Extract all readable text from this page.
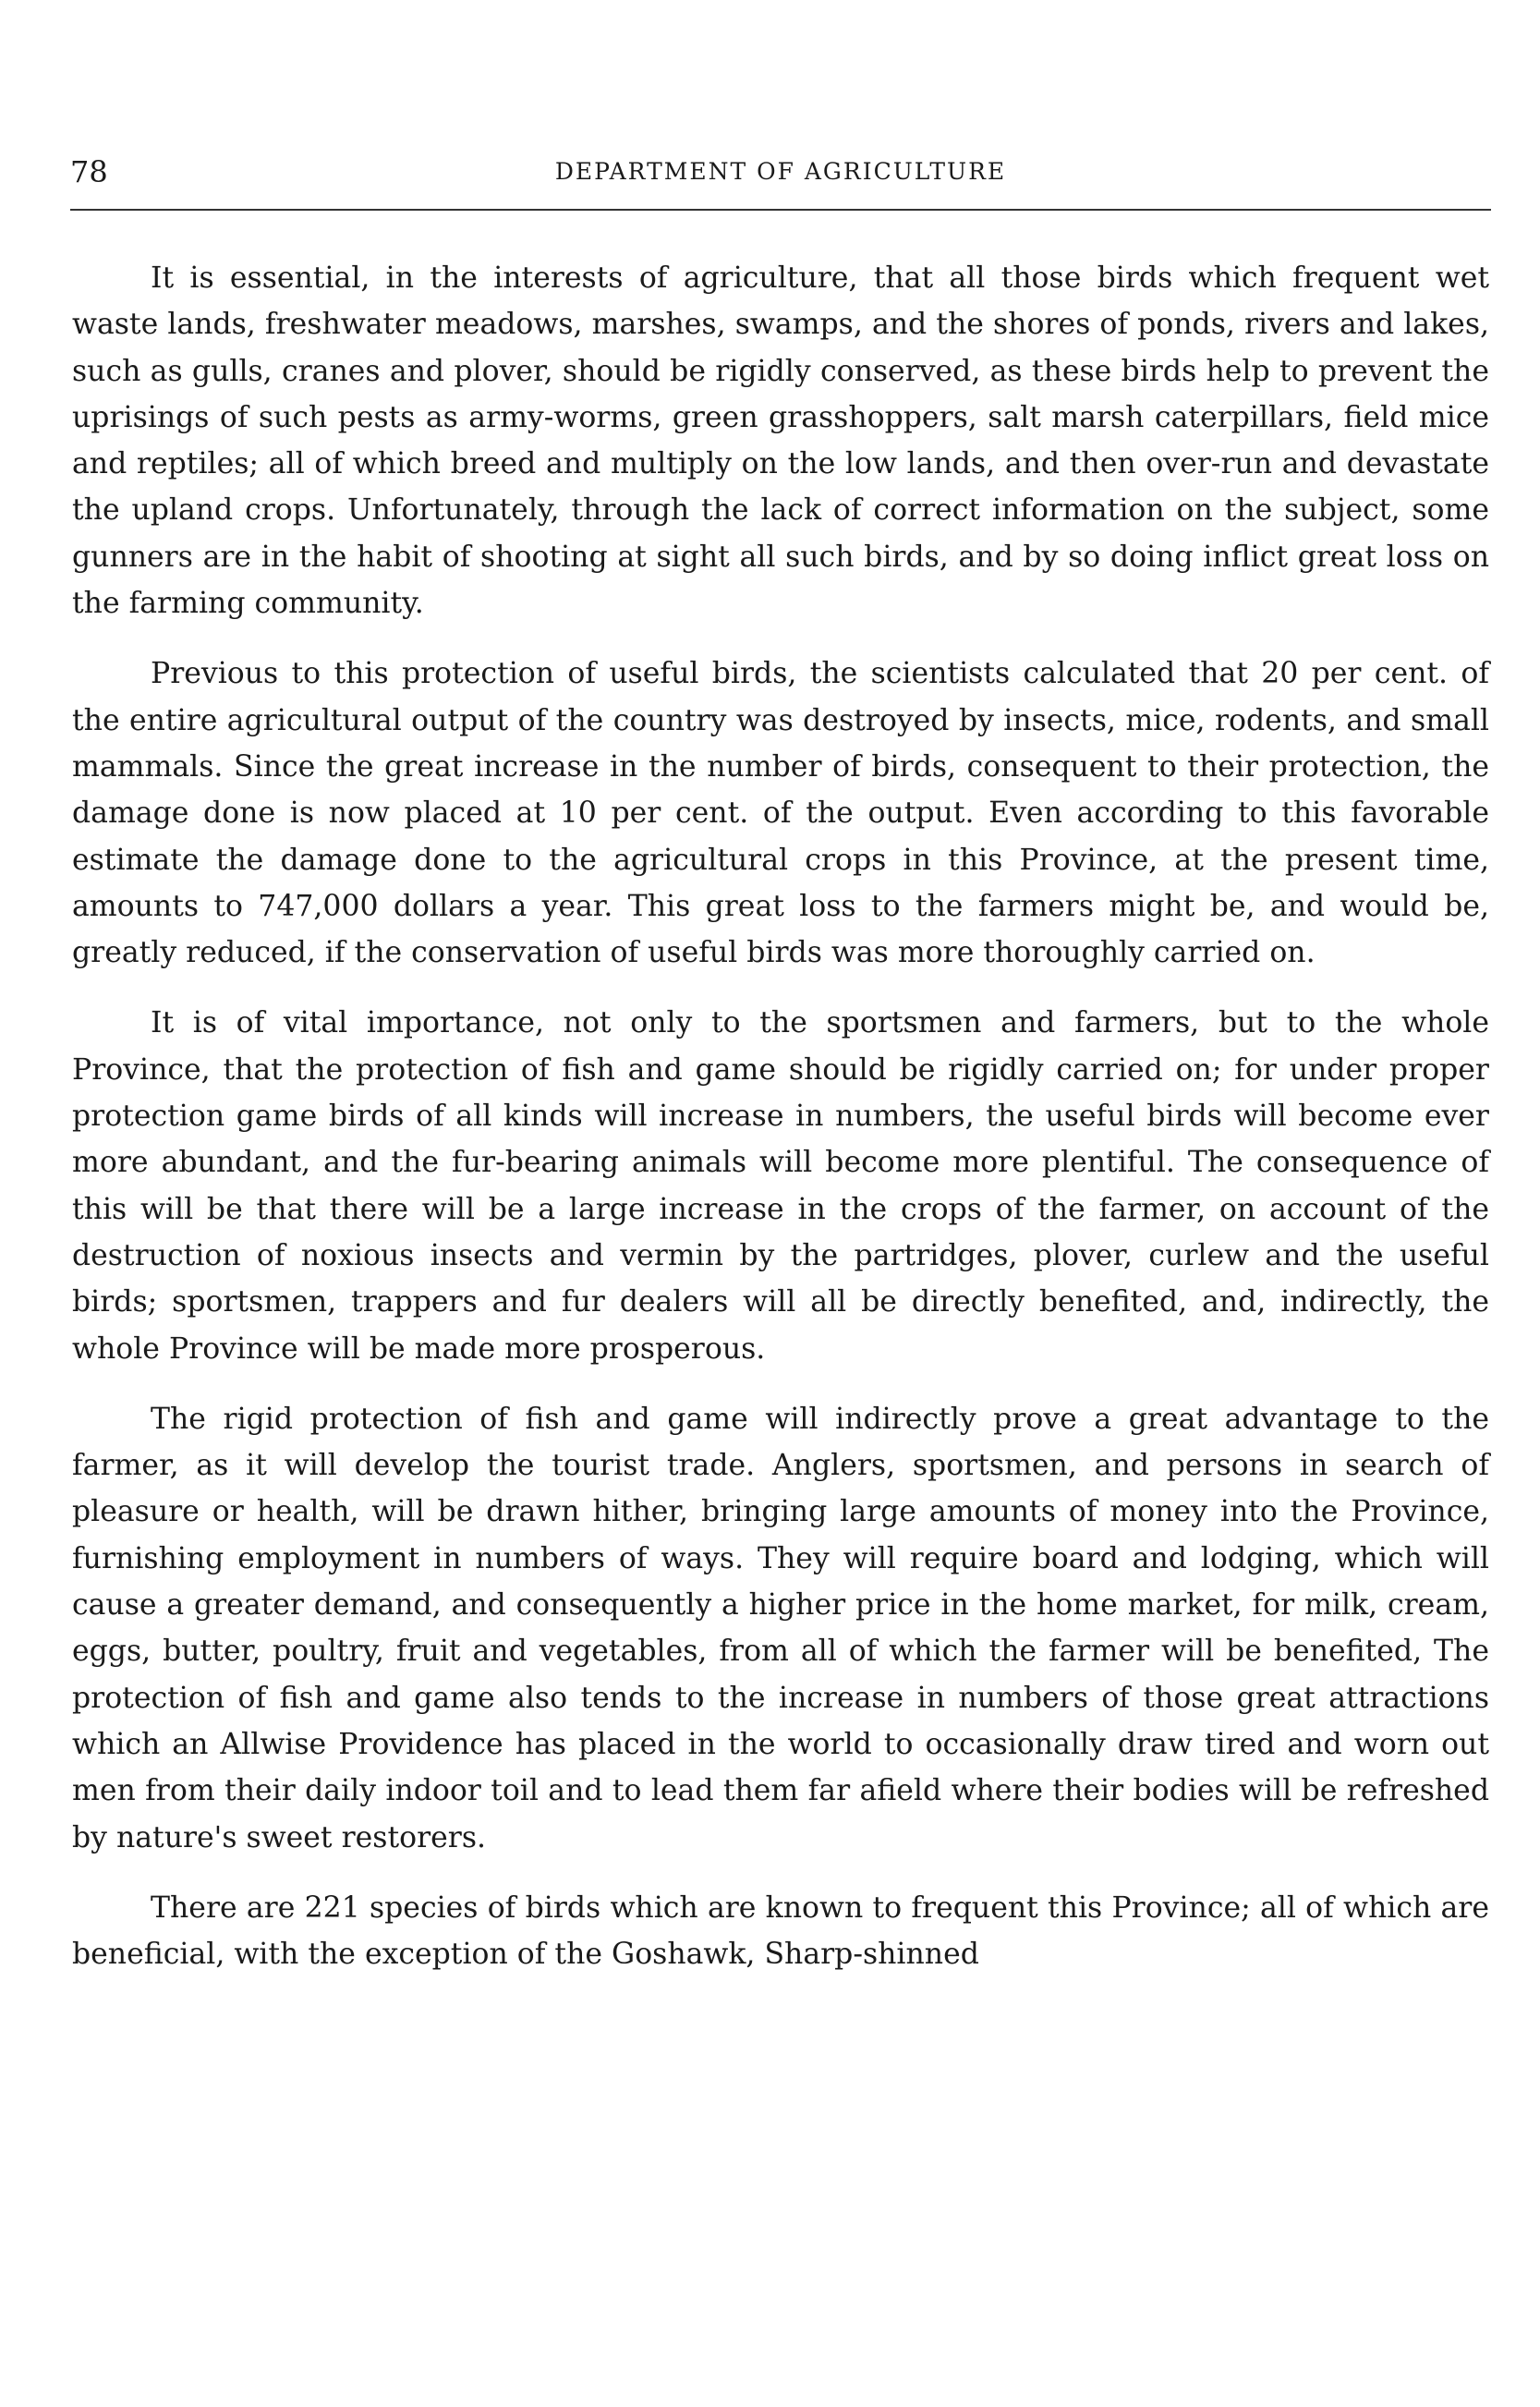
78	DEPARTMENT OF AGRICULTURE

It is essential, in the interests of agriculture, that all those birds which frequent wet waste lands, freshwater meadows, marshes, swamps, and the shores of ponds, rivers and lakes, such as gulls, cranes and plover, should be rigidly conserved, as these birds help to prevent the uprisings of such pests as army-worms, green grasshoppers, salt marsh caterpillars, field mice and reptiles; all of which breed and multiply on the low lands, and then over-run and devastate the upland crops. Unfortunately, through the lack of correct information on the subject, some gunners are in the habit of shooting at sight all such birds, and by so doing inflict great loss on the farming community.

Previous to this protection of useful birds, the scientists calculated that 20 per cent. of the entire agricultural output of the country was destroyed by insects, mice, rodents, and small mammals. Since the great increase in the number of birds, consequent to their protection, the damage done is now placed at 10 per cent. of the output. Even according to this favorable estimate the damage done to the agricultural crops in this Province, at the present time, amounts to 747,000 dollars a year. This great loss to the farmers might be, and would be, greatly reduced, if the conservation of useful birds was more thoroughly carried on.

It is of vital importance, not only to the sportsmen and farmers, but to the whole Province, that the protection of fish and game should be rigidly carried on; for under proper protection game birds of all kinds will increase in numbers, the useful birds will become ever more abundant, and the fur-bearing animals will become more plentiful. The consequence of this will be that there will be a large increase in the crops of the farmer, on account of the destruction of noxious insects and vermin by the partridges, plover, curlew and the useful birds; sportsmen, trappers and fur dealers will all be directly benefited, and, indirectly, the whole Province will be made more prosperous.

The rigid protection of fish and game will indirectly prove a great advantage to the farmer, as it will develop the tourist trade. Anglers, sportsmen, and persons in search of pleasure or health, will be drawn hither, bringing large amounts of money into the Province, furnishing employment in numbers of ways. They will require board and lodging, which will cause a greater demand, and consequently a higher price in the home market, for milk, cream, eggs, butter, poultry, fruit and vegetables, from all of which the farmer will be benefited, The protection of fish and game also tends to the increase in numbers of those great attractions which an Allwise Providence has placed in the world to occasionally draw tired and worn out men from their daily indoor toil and to lead them far afield where their bodies will be refreshed by nature's sweet restorers.

There are 221 species of birds which are known to frequent this Province; all of which are beneficial, with the exception of the Goshawk, Sharp-shinned
